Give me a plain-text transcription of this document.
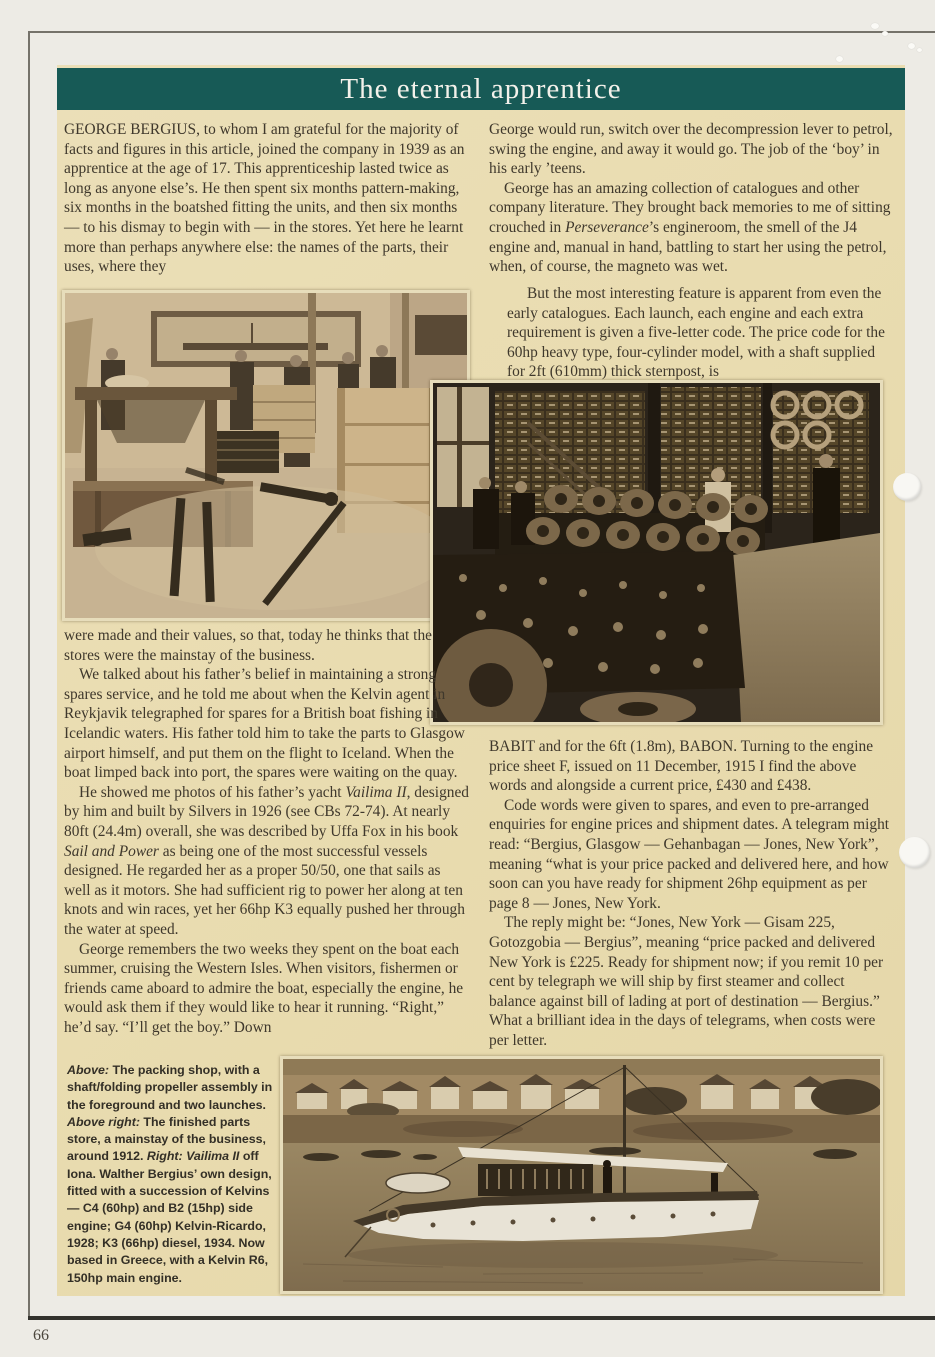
The eternal apprentice

GEORGE BERGIUS, to whom I am grateful for the majority of facts and figures in this article, joined the company in 1939 as an apprentice at the age of 17. This apprenticeship lasted twice as long as anyone else’s. He then spent six months pattern-making, six months in the boatshed fitting the units, and then six months — to his dismay to begin with — in the stores. Yet here he learnt more than perhaps anywhere else: the names of the parts, their uses, where they

George would run, switch over the decompression lever to petrol, swing the engine, and away it would go. The job of the ‘boy’ in his early ’teens.

George has an amazing collection of catalogues and other company literature. They brought back memories to me of sitting crouched in Perseverance’s engineroom, the smell of the J4 engine and, manual in hand, battling to start her using the petrol, when, of course, the magneto was wet.

But the most interesting feature is apparent from even the early catalogues. Each launch, each engine and each extra requirement is given a five-letter code. The price code for the 60hp heavy type, four-cylinder model, with a shaft supplied for 2ft (610mm) thick sternpost, is

were made and their values, so that, today he thinks that the stores were the mainstay of the business.

We talked about his father’s belief in maintaining a strong spares service, and he told me about when the Kelvin agent in Reykjavik telegraphed for spares for a British boat fishing in Icelandic waters. His father told him to take the parts to Glasgow airport himself, and put them on the flight to Iceland. When the boat limped back into port, the spares were waiting on the quay.

He showed me photos of his father’s yacht Vailima II, designed by him and built by Silvers in 1926 (see CBs 72-74). At nearly 80ft (24.4m) overall, she was described by Uffa Fox in his book Sail and Power as being one of the most successful vessels designed. He regarded her as a proper 50/50, one that sails as well as it motors. She had sufficient rig to power her along at ten knots and win races, yet her 66hp K3 equally pushed her through the water at speed.

George remembers the two weeks they spent on the boat each summer, cruising the Western Isles. When visitors, fishermen or friends came aboard to admire the boat, especially the engine, he would ask them if they would like to hear it running. “Right,” he’d say. “I’ll get the boy.” Down

BABIT and for the 6ft (1.8m), BABON. Turning to the engine price sheet F, issued on 11 December, 1915 I find the above words and alongside a current price, £430 and £438.

Code words were given to spares, and even to pre-arranged enquiries for engine prices and shipment dates. A telegram might read: “Bergius, Glasgow — Gehanbagan — Jones, New York”, meaning “what is your price packed and delivered here, and how soon can you have ready for shipment 26hp equipment as per page 8 — Jones, New York.

The reply might be: “Jones, New York — Gisam 225, Gotozgobia — Bergius”, meaning “price packed and delivered New York is £225. Ready for shipment now; if you remit 10 per cent by telegraph we will ship by first steamer and collect balance against bill of lading at port of destination — Bergius.” What a brilliant idea in the days of telegrams, when costs were per letter.

Above: The packing shop, with a shaft/folding propeller assembly in the foreground and two launches. Above right: The finished parts store, a mainstay of the business, around 1912. Right: Vailima II off Iona. Walther Bergius’ own design, fitted with a succession of Kelvins — C4 (60hp) and B2 (15hp) side engine; G4 (60hp) Kelvin-Ricardo, 1928; K3 (66hp) diesel, 1934. Now based in Greece, with a Kelvin R6, 150hp main engine.
66
